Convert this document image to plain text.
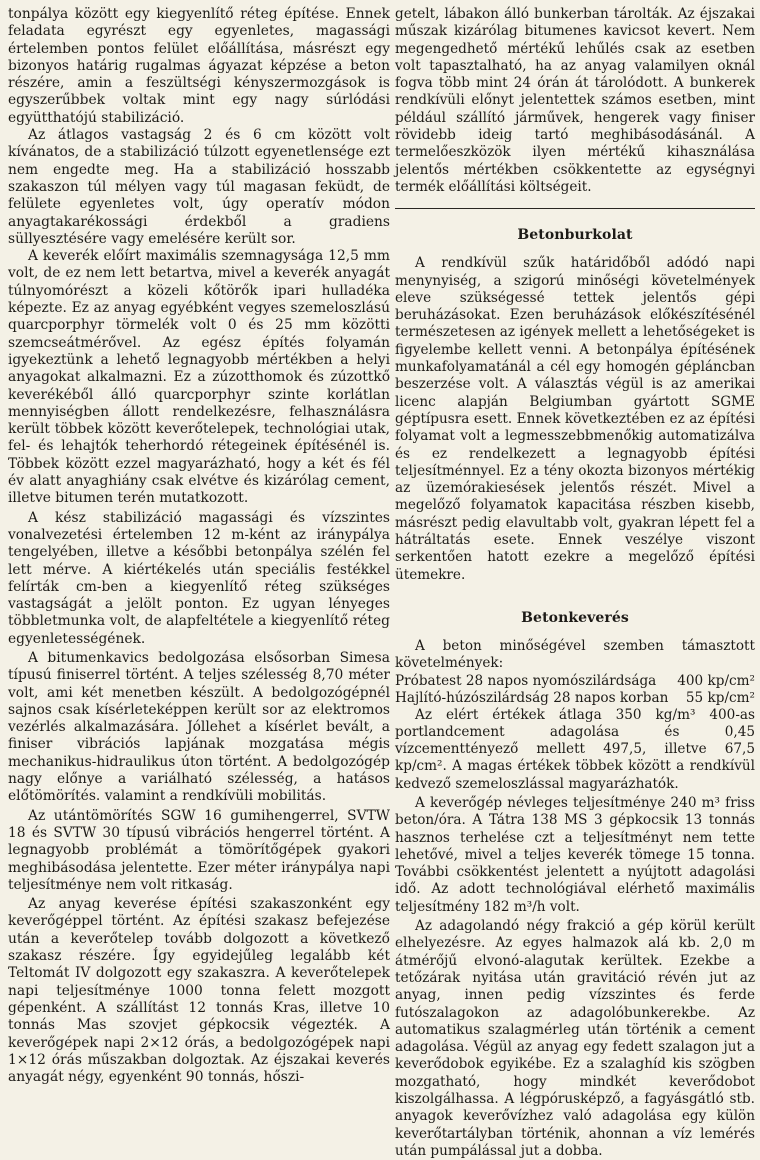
tonpálya között egy kiegyenlítő réteg építése. Ennek feladata egyrészt egy egyenletes, magassági értelemben pontos felület előállítása, másrészt egy bizonyos határig rugalmas ágyazat képzése a beton részére, amin a feszültségi kényszermozgások is egyszerűbbek voltak mint egy nagy súrlódási együtthatójú stabilizáció.

Az átlagos vastagság 2 és 6 cm között volt kívánatos, de a stabilizáció túlzott egyenetlensége ezt nem engedte meg. Ha a stabilizáció hosszabb szakaszon túl mélyen vagy túl magasan feküdt, de felülete egyenletes volt, úgy operatív módon anyagtakarékossági érdekből a gradiens süllyesztésére vagy emelésére került sor.

A keverék előírt maximális szemnagysága 12,5 mm volt, de ez nem lett betartva, mivel a keverék anyagát túlnyomórészt a közeli kőtörők ipari hulladéka képezte. Ez az anyag egyébként vegyes szemeloszlású quarcporphyr törmelék volt 0 és 25 mm közötti szemcseátmérővel. Az egész építés folyamán igyekeztünk a lehető legnagyobb mértékben a helyi anyagokat alkalmazni. Ez a zúzotthomok és zúzottkő keverékéből álló quarcporphyr szinte korlátlan mennyiségben állott rendelkezésre, felhasználásra került többek között keverőtelepek, technológiai utak, fel- és lehajtók teherhordó rétegeinek építésénél is. Többek között ezzel magyarázható, hogy a két és fél év alatt anyaghiány csak elvétve és kizárólag cement, illetve bitumen terén mutatkozott.

A kész stabilizáció magassági és vízszintes vonalvezetési értelemben 12 m-ként az iránypálya tengelyében, illetve a későbbi betonpálya szélén fel lett mérve. A kiértékelés után speciális festékkel felírták cm-ben a kiegyenlítő réteg szükséges vastagságát a jelölt ponton. Ez ugyan lényeges többletmunka volt, de alapfeltétele a kiegyenlítő réteg egyenletességének.

A bitumenkavics bedolgozása elsősorban Simesa típusú finiserrel történt. A teljes szélesség 8,70 méter volt, ami két menetben készült. A bedolgozógépnél sajnos csak kísérleteképpen került sor az elektromos vezérlés alkalmazására. Jóllehet a kísérlet bevált, a finiser vibrációs lapjának mozgatása mégis mechanikus-hidraulikus úton történt. A bedolgozógép nagy előnye a variálható szélesség, a hatásos előtömörítés. valamint a rendkívüli mobilitás.

Az utántömörítés SGW 16 gumihengerrel, SVTW 18 és SVTW 30 típusú vibrációs hengerrel történt. A legnagyobb problémát a tömörítőgépek gyakori meghibásodása jelentette. Ezer méter iránypálya napi teljesítménye nem volt ritkaság.

Az anyag keverése építési szakaszonként egy keverőgéppel történt. Az építési szakasz befejezése után a keverőtelep tovább dolgozott a következő szakasz részére. Így egyidejűleg legalább két Teltomát IV dolgozott egy szakaszra. A keverőtelepek napi teljesítménye 1000 tonna felett mozgott gépenként. A szállítást 12 tonnás Kras, illetve 10 tonnás Mas szovjet gépkocsik végezték. A keverőgépek napi 2×12 órás, a bedolgozógépek napi 1×12 órás műszakban dolgoztak. Az éjszakai keverés anyagát négy, egyenként 90 tonnás, hőszi-

getelt, lábakon álló bunkerban tárolták. Az éjszakai műszak kizárólag bitumenes kavicsot kevert. Nem megengedhető mértékű lehűlés csak az esetben volt tapasztalható, ha az anyag valamilyen oknál fogva több mint 24 órán át tárolódott. A bunkerek rendkívüli előnyt jelentettek számos esetben, mint például szállító járművek, hengerek vagy finiser rövidebb ideig tartó meghibásodásánál. A termelőeszközök ilyen mértékű kihasználása jelentős mértékben csökkentette az egységnyi termék előállítási költségeit.

Betonburkolat

A rendkívül szűk határidőből adódó napi menynyiség, a szigorú minőségi követelmények eleve szükségessé tettek jelentős gépi beruházásokat. Ezen beruházások előkészítésénél természetesen az igények mellett a lehetőségeket is figyelembe kellett venni. A betonpálya építésének munkafolyamatánál a cél egy homogén gépláncban beszerzése volt. A választás végül is az amerikai licenc alapján Belgiumban gyártott SGME géptípusra esett. Ennek következtében ez az építési folyamat volt a legmesszebbmenőkig automatizálva és ez rendelkezett a legnagyobb építési teljesítménnyel. Ez a tény okozta bizonyos mértékig az üzemórakiesések jelentős részét. Mivel a megelőző folyamatok kapacitása részben kisebb, másrészt pedig elavultabb volt, gyakran lépett fel a hátráltatás esete. Ennek veszélye viszont serkentően hatott ezekre a megelőző építési ütemekre.

Betonkeverés

A beton minőségével szemben támasztott követelmények:

Próbatest 28 napos nyomószilárdsága 400 kp/cm²
Hajlító-húzószilárdság 28 napos korban 55 kp/cm²

Az elért értékek átlaga 350 kg/m³ 400-as portlandcement adagolása és 0,45 vízcementtényező mellett 497,5, illetve 67,5 kp/cm². A magas értékek többek között a rendkívül kedvező szemeloszlással magyarázhatók.

A keverőgép névleges teljesítménye 240 m³ friss beton/óra. A Tátra 138 MS 3 gépkocsik 13 tonnás hasznos terhelése czt a teljesítményt nem tette lehetővé, mivel a teljes keverék tömege 15 tonna. További csökkentést jelentett a nyújtott adagolási idő. Az adott technológiával elérhető maximális teljesítmény 182 m³/h volt.

Az adagolandó négy frakció a gép körül került elhelyezésre. Az egyes halmazok alá kb. 2,0 m átmérőjű elvonó-alagutak kerültek. Ezekbe a tetőzárak nyitása után gravitáció révén jut az anyag, innen pedig vízszintes és ferde futószalagokon az adagolóbunkerekbe. Az automatikus szalagmérleg után történik a cement adagolása. Végül az anyag egy fedett szalagon jut a keverődobok egyikébe. Ez a szalaghíd kis szögben mozgatható, hogy mindkét keverődobot kiszolgálhassa. A légpórusképző, a fagyásgátló stb. anyagok keverővízhez való adagolása egy külön keverőtartályban történik, ahonnan a víz lemérés után pumpálással jut a dobba.
